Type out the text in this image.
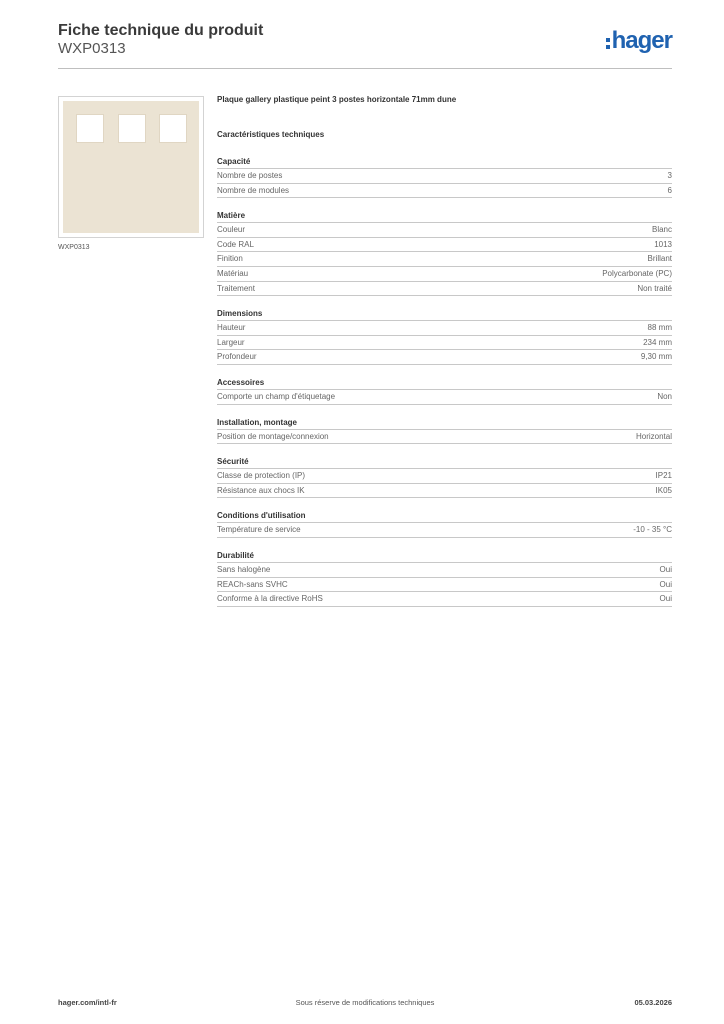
Fiche technique du produit
WXP0313	hager
WXP0313
Plaque gallery plastique peint 3 postes horizontale 71mm dune
Caractéristiques techniques
Capacité
Nombre de postes	3
Nombre de modules	6
Matière
Couleur	Blanc
Code RAL	1013
Finition	Brillant
Matériau	Polycarbonate (PC)
Traitement	Non traité
Dimensions
Hauteur	88 mm
Largeur	234 mm
Profondeur	9,30 mm
Accessoires
Comporte un champ d'étiquetage	Non
Installation, montage
Position de montage/connexion	Horizontal
Sécurité
Classe de protection (IP)	IP21
Résistance aux chocs IK	IK05
Conditions d'utilisation
Température de service	-10 - 35 °C
Durabilité
Sans halogène	Oui
REACh-sans SVHC	Oui
Conforme à la directive RoHS	Oui
hager.com/intl-fr	Sous réserve de modifications techniques	05.03.2026
